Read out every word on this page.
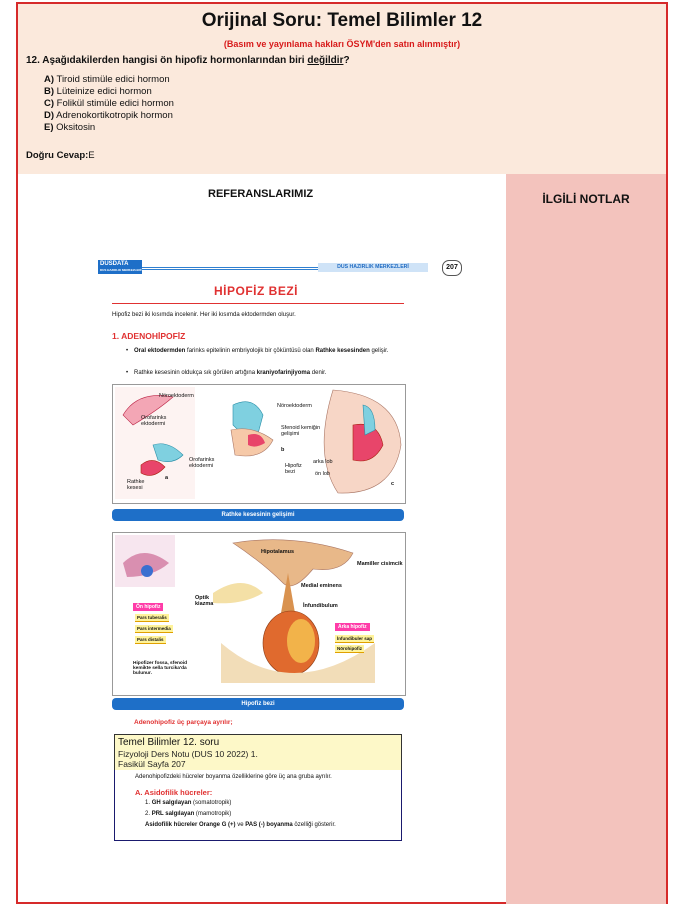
Orijinal Soru: Temel Bilimler 12
(Basım ve yayınlama hakları ÖSYM'den satın alınmıştır)
12. Aşağıdakilerden hangisi ön hipofiz hormonlarından biri değildir?
A) Tiroid stimüle edici hormon
B) Lüteinize edici hormon
C) Folikül stimüle edici hormon
D) Adrenokortikotropik hormon
E) Oksitosin
Doğru Cevap:E
REFERANSLARIMIZ	İLGİLİ NOTLAR
DUSDATA
DUS HAZIRLIK MERKEZLERİ	DUS HAZIRLIK MERKEZLERİ	207
HİPOFİZ BEZİ
Hipofiz bezi iki kısımda incelenir. Her iki kısımda ektodermden oluşur.
1. ADENOHİPOFİZ
• Oral ektodermden farinks epitelinin embriyolojik bir çöküntüsü olan Rathke kesesinden gelişir.
• Rathke kesesinin oldukça sık görülen artığına kraniyofarinjiyoma denir.
Nöroektoderm
Orofarinks ektodermi
Rathke kesesi
a
Nöroektoderm
Sfenoid kemiğin gelişimi
Orofarinks ektodermi
b
arka lob
ön lob
Hipofiz bezi
c
Rathke kesesinin gelişimi
Hipotalamus
Mamiller cisimcik
Optik kiazma
Medial eminens
İnfundibulum
Ön hipofiz
Pars tuberalis
Pars intermedia
Pars distalis
Arka hipofiz
İnfundibuler sap
Nörohipofiz
Hipofizer fossa, sfenoid kemikte sella turcika'da bulunur.
Hipofiz bezi
Adenohipofiz üç parçaya ayrılır;
Temel Bilimler 12. soru
Fizyoloji Ders Notu (DUS 10 2022) 1.
Fasikül Sayfa 207
Adenohipofizdeki hücreler boyanma özelliklerine göre üç ana gruba ayrılır.
A. Asidofilik hücreler:
1. GH salgılayan (somatotropik)
2. PRL salgılayan (mamotropik)
Asidofilik hücreler Orange G (+) ve PAS (-) boyanma özelliği gösterir.
